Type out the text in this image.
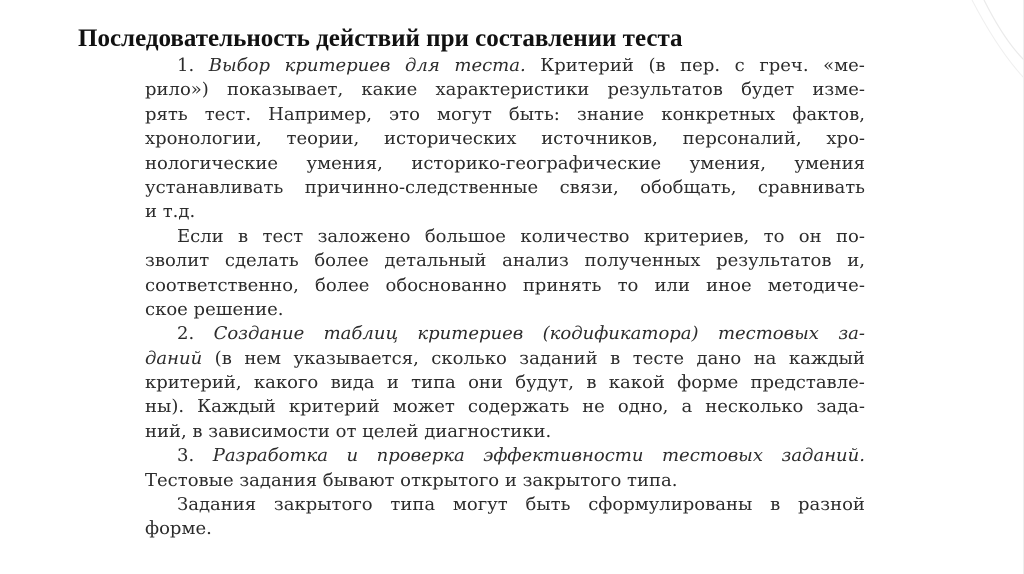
Последовательность действий при составлении теста
1. Выбор критериев для теста. Критерий (в пер. с греч. «ме-
рило») показывает, какие характеристики результатов будет изме-
рять тест. Например, это могут быть: знание конкретных фактов,
хронологии, теории, исторических источников, персоналий, хро-
нологические умения, историко-географические умения, умения
устанавливать причинно-следственные связи, обобщать, сравнивать
и т.д.
Если в тест заложено большое количество критериев, то он по-
зволит сделать более детальный анализ полученных результатов и,
соответственно, более обоснованно принять то или иное методиче-
ское решение.
2. Создание таблиц критериев (кодификатора) тестовых за-
даний (в нем указывается, сколько заданий в тесте дано на каждый
критерий, какого вида и типа они будут, в какой форме представле-
ны). Каждый критерий может содержать не одно, а несколько зада-
ний, в зависимости от целей диагностики.
3. Разработка и проверка эффективности тестовых заданий.
Тестовые задания бывают открытого и закрытого типа.
Задания закрытого типа могут быть сформулированы в разной
форме.
